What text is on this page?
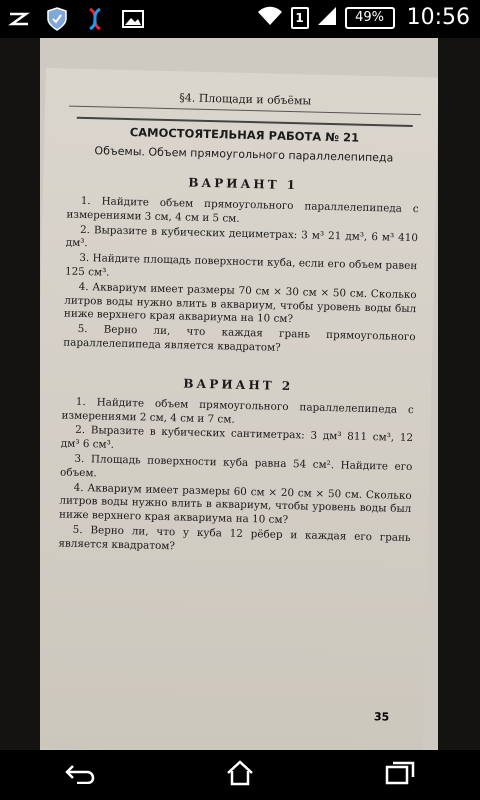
1	49%	10:56
§4. Площади и объёмы
САМОСТОЯТЕЛЬНАЯ РАБОТА № 21
Объемы. Объем прямоугольного параллелепипеда
ВАРИАНТ 1
1. Найдите объем прямоугольного параллелепипеда с измерениями 3 см, 4 см и 5 см.
2. Выразите в кубических дециметрах: 3 м³ 21 дм³, 6 м³ 410 дм³.
3. Найдите площадь поверхности куба, если его объем равен 125 см³.
4. Аквариум имеет размеры 70 см × 30 см × 50 см. Сколько литров воды нужно влить в аквариум, чтобы уровень воды был ниже верхнего края аквариума на 10 см?
5. Верно ли, что каждая грань прямоугольного параллелепипеда является квадратом?
ВАРИАНТ 2
1. Найдите объем прямоугольного параллелепипеда с измерениями 2 см, 4 см и 7 см.
2. Выразите в кубических сантиметрах: 3 дм³ 811 см³, 12 дм³ 6 см³.
3. Площадь поверхности куба равна 54 см². Найдите его объем.
4. Аквариум имеет размеры 60 см × 20 см × 50 см. Сколько литров воды нужно влить в аквариум, чтобы уровень воды был ниже верхнего края аквариума на 10 см?
5. Верно ли, что у куба 12 рёбер и каждая его грань является квадратом?
35
